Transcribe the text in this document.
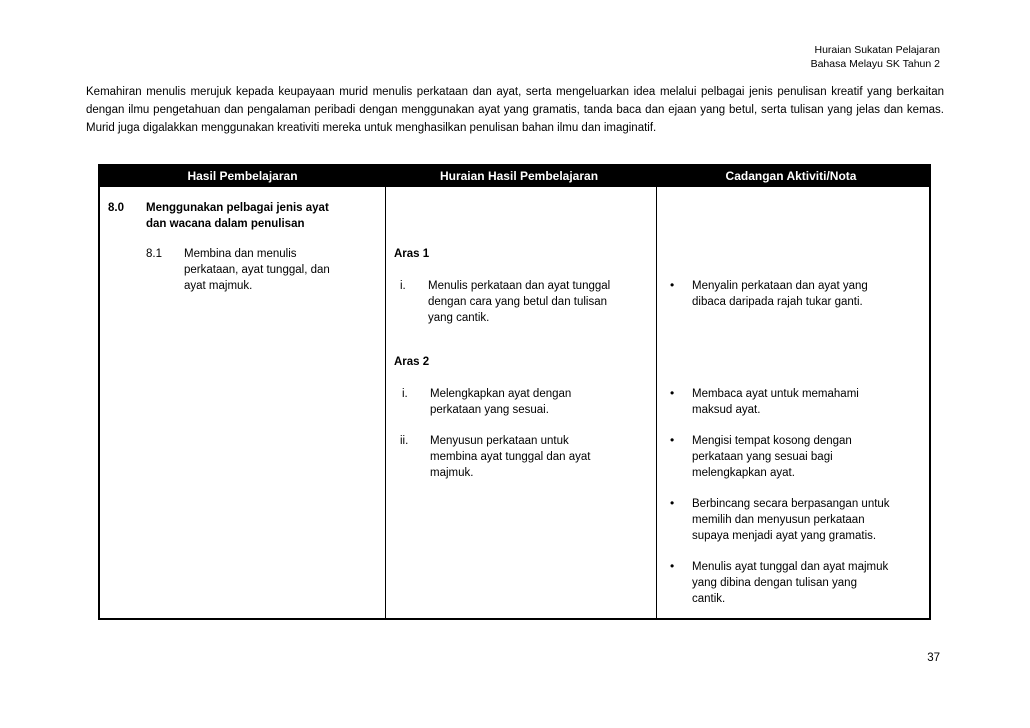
Huraian Sukatan Pelajaran
Bahasa Melayu SK Tahun 2
Kemahiran menulis merujuk kepada keupayaan murid menulis perkataan dan ayat, serta mengeluarkan idea melalui pelbagai jenis penulisan kreatif yang berkaitan dengan ilmu pengetahuan dan pengalaman peribadi dengan menggunakan ayat yang gramatis, tanda baca dan ejaan yang betul, serta tulisan yang jelas dan kemas. Murid juga digalakkan menggunakan kreativiti mereka untuk menghasilkan penulisan bahan ilmu dan imaginatif.
Hasil Pembelajaran	Huraian Hasil Pembelajaran	Cadangan Aktiviti/Nota
8.0 Menggunakan pelbagai jenis ayat
dan wacana dalam penulisan
8.1 Membina dan menulis
perkataan, ayat tunggal, dan
ayat majmuk.
Aras 1
i. Menulis perkataan dan ayat tunggal
dengan cara yang betul dan tulisan
yang cantik.
Aras 2
i. Melengkapkan ayat dengan
perkataan yang sesuai.
ii. Menyusun perkataan untuk
membina ayat tunggal dan ayat
majmuk.
• Menyalin perkataan dan ayat yang
dibaca daripada rajah tukar ganti.
• Membaca ayat untuk memahami
maksud ayat.
• Mengisi tempat kosong dengan
perkataan yang sesuai bagi
melengkapkan ayat.
• Berbincang secara berpasangan untuk
memilih dan menyusun perkataan
supaya menjadi ayat yang gramatis.
• Menulis ayat tunggal dan ayat majmuk
yang dibina dengan tulisan yang
cantik.
37
